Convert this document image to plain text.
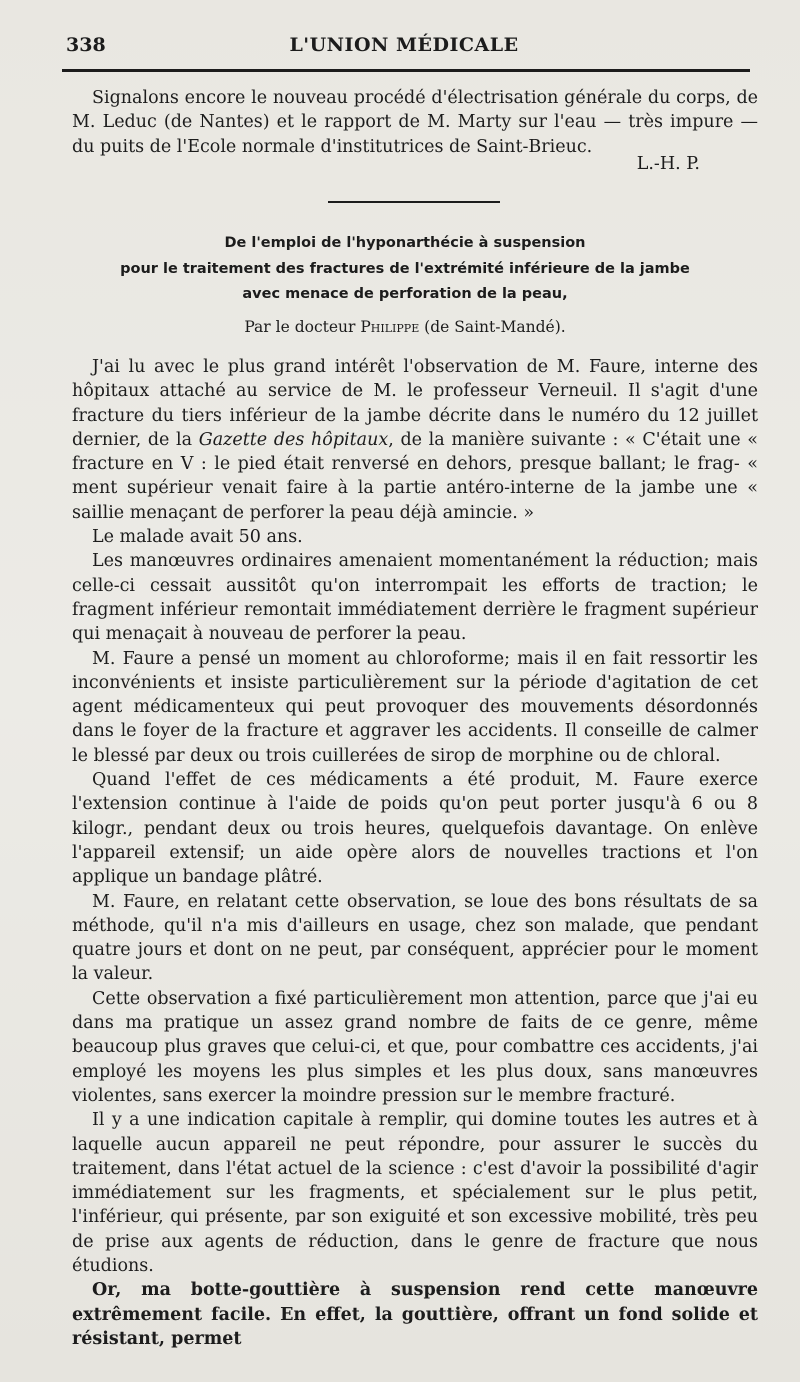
338	L'UNION MÉDICALE
Signalons encore le nouveau procédé d'électrisation générale du corps, de M. Leduc (de Nantes) et le rapport de M. Marty sur l'eau — très impure — du puits de l'Ecole normale d'institutrices de Saint-Brieuc.
L.-H. P.
De l'emploi de l'hyponarthécie à suspension
pour le traitement des fractures de l'extrémité inférieure de la jambe
avec menace de perforation de la peau,
Par le docteur Philippe (de Saint-Mandé).

J'ai lu avec le plus grand intérêt l'observation de M. Faure, interne des hôpitaux attaché au service de M. le professeur Verneuil. Il s'agit d'une fracture du tiers inférieur de la jambe décrite dans le numéro du 12 juillet dernier, de la Gazette des hôpitaux, de la manière suivante : « C'était une « fracture en V : le pied était renversé en dehors, presque ballant; le frag- « ment supérieur venait faire à la partie antéro-interne de la jambe une « saillie menaçant de perforer la peau déjà amincie. »

Le malade avait 50 ans.

Les manœuvres ordinaires amenaient momentanément la réduction; mais celle-ci cessait aussitôt qu'on interrompait les efforts de traction; le fragment inférieur remontait immédiatement derrière le fragment supérieur qui menaçait à nouveau de perforer la peau.

M. Faure a pensé un moment au chloroforme; mais il en fait ressortir les inconvénients et insiste particulièrement sur la période d'agitation de cet agent médicamenteux qui peut provoquer des mouvements désordonnés dans le foyer de la fracture et aggraver les accidents. Il conseille de calmer le blessé par deux ou trois cuillerées de sirop de morphine ou de chloral.

Quand l'effet de ces médicaments a été produit, M. Faure exerce l'extension continue à l'aide de poids qu'on peut porter jusqu'à 6 ou 8 kilogr., pendant deux ou trois heures, quelquefois davantage. On enlève l'appareil extensif; un aide opère alors de nouvelles tractions et l'on applique un bandage plâtré.

M. Faure, en relatant cette observation, se loue des bons résultats de sa méthode, qu'il n'a mis d'ailleurs en usage, chez son malade, que pendant quatre jours et dont on ne peut, par conséquent, apprécier pour le moment la valeur.

Cette observation a fixé particulièrement mon attention, parce que j'ai eu dans ma pratique un assez grand nombre de faits de ce genre, même beaucoup plus graves que celui-ci, et que, pour combattre ces accidents, j'ai employé les moyens les plus simples et les plus doux, sans manœuvres violentes, sans exercer la moindre pression sur le membre fracturé.

Il y a une indication capitale à remplir, qui domine toutes les autres et à laquelle aucun appareil ne peut répondre, pour assurer le succès du traitement, dans l'état actuel de la science : c'est d'avoir la possibilité d'agir immédiatement sur les fragments, et spécialement sur le plus petit, l'inférieur, qui présente, par son exiguité et son excessive mobilité, très peu de prise aux agents de réduction, dans le genre de fracture que nous étudions.

Or, ma botte-gouttière à suspension rend cette manœuvre extrêmement facile. En effet, la gouttière, offrant un fond solide et résistant, permet
